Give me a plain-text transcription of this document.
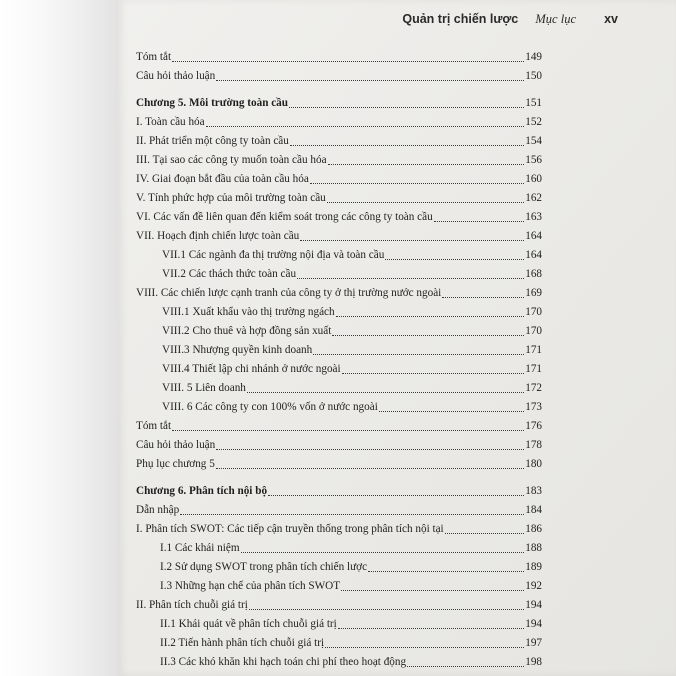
Quản trị chiến lược Mục lục xv
Tóm tắt	149
Câu hỏi thảo luận	150
Chương 5. Môi trường toàn cầu	151
I. Toàn cầu hóa	152
II. Phát triển một công ty toàn cầu	154
III. Tại sao các công ty muốn toàn cầu hóa	156
IV. Giai đoạn bắt đầu của toàn cầu hóa	160
V. Tính phức hợp của môi trường toàn cầu	162
VI. Các vấn đề liên quan đến kiểm soát trong các công ty toàn cầu	163
VII. Hoạch định chiến lược toàn cầu	164
VII.1 Các ngành đa thị trường nội địa và toàn cầu	164
VII.2 Các thách thức toàn cầu	168
VIII. Các chiến lược cạnh tranh của công ty ở thị trường nước ngoài	169
VIII.1 Xuất khẩu vào thị trường ngách	170
VIII.2 Cho thuê và hợp đồng sản xuất	170
VIII.3 Nhượng quyền kinh doanh	171
VIII.4 Thiết lập chi nhánh ở nước ngoài	171
VIII. 5 Liên doanh	172
VIII. 6 Các công ty con 100% vốn ở nước ngoài	173
Tóm tắt	176
Câu hỏi thảo luận	178
Phụ lục chương 5	180
Chương 6. Phân tích nội bộ	183
Dẫn nhập	184
I. Phân tích SWOT: Các tiếp cận truyền thống trong phân tích nội tại	186
I.1 Các khái niệm	188
I.2 Sử dụng SWOT trong phân tích chiến lược	189
I.3 Những hạn chế của phân tích SWOT	192
II. Phân tích chuỗi giá trị	194
II.1 Khái quát về phân tích chuỗi giá trị	194
II.2 Tiến hành phân tích chuỗi giá trị	197
II.3 Các khó khăn khi hạch toán chi phí theo hoạt động	198
